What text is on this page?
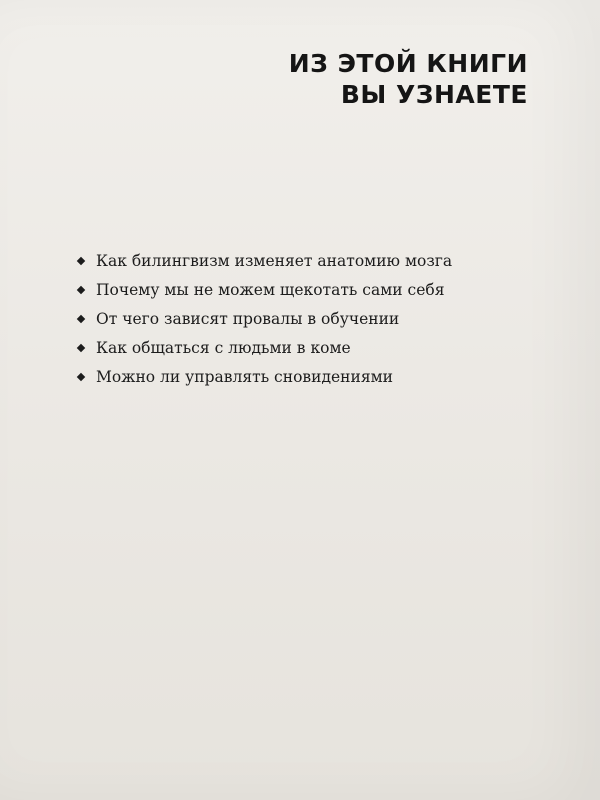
ИЗ ЭТОЙ КНИГИ
ВЫ УЗНАЕТЕ
Как билингвизм изменяет анатомию мозга
Почему мы не можем щекотать сами себя
От чего зависят провалы в обучении
Как общаться с людьми в коме
Можно ли управлять сновидениями
